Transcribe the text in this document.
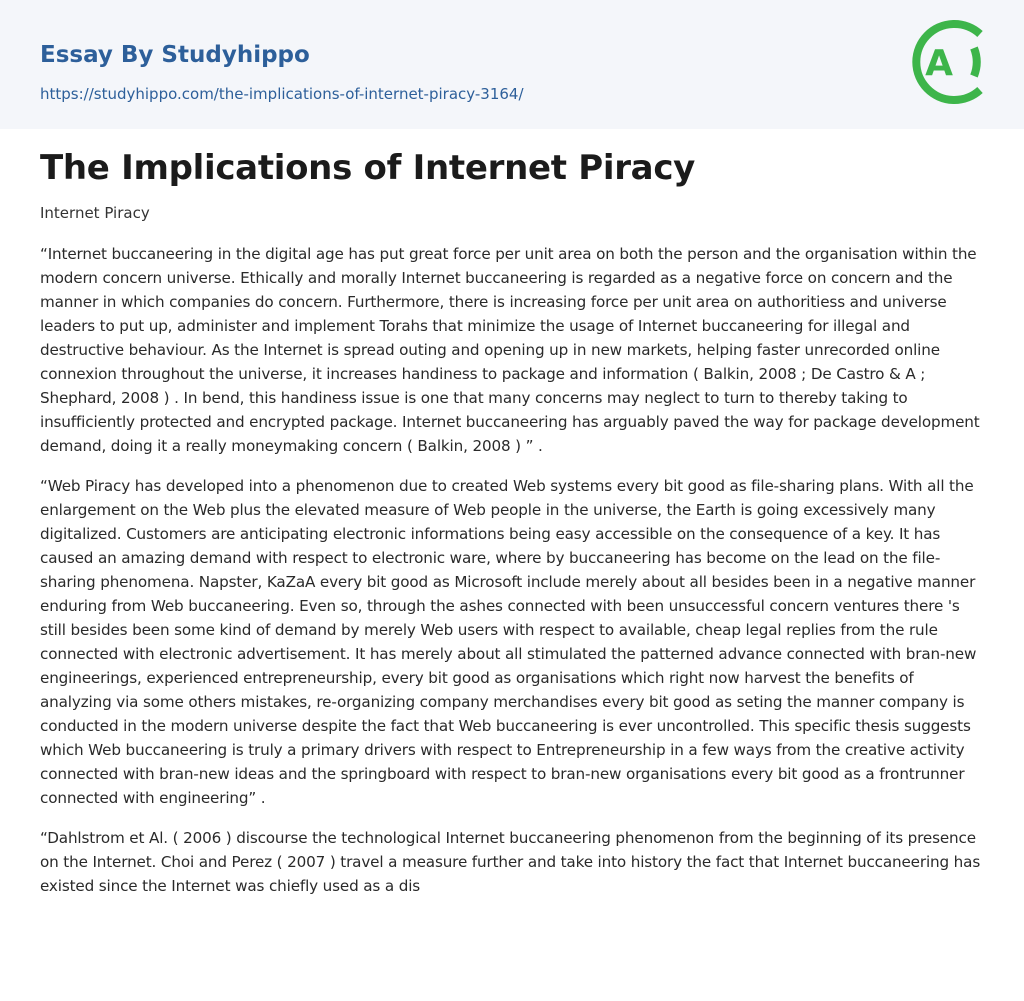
Essay By Studyhippo
https://studyhippo.com/the-implications-of-internet-piracy-3164/
A
The Implications of Internet Piracy
Internet Piracy

“Internet buccaneering in the digital age has put great force per unit area on both the person and the organisation within the modern concern universe. Ethically and morally Internet buccaneering is regarded as a negative force on concern and the manner in which companies do concern. Furthermore, there is increasing force per unit area on authoritiess and universe leaders to put up, administer and implement Torahs that minimize the usage of Internet buccaneering for illegal and destructive behaviour. As the Internet is spread outing and opening up in new markets, helping faster unrecorded online connexion throughout the universe, it increases handiness to package and information ( Balkin, 2008 ; De Castro & A ; Shephard, 2008 ) . In bend, this handiness issue is one that many concerns may neglect to turn to thereby taking to insufficiently protected and encrypted package. Internet buccaneering has arguably paved the way for package development demand, doing it a really moneymaking concern ( Balkin, 2008 ) ” .

“Web Piracy has developed into a phenomenon due to created Web systems every bit good as file-sharing plans. With all the enlargement on the Web plus the elevated measure of Web people in the universe, the Earth is going excessively many digitalized. Customers are anticipating electronic informations being easy accessible on the consequence of a key. It has caused an amazing demand with respect to electronic ware, where by buccaneering has become on the lead on the file-sharing phenomena. Napster, KaZaA every bit good as Microsoft include merely about all besides been in a negative manner enduring from Web buccaneering. Even so, through the ashes connected with been unsuccessful concern ventures there 's still besides been some kind of demand by merely Web users with respect to available, cheap legal replies from the rule connected with electronic advertisement. It has merely about all stimulated the patterned advance connected with bran-new engineerings, experienced entrepreneurship, every bit good as organisations which right now harvest the benefits of analyzing via some others mistakes, re-organizing company merchandises every bit good as seting the manner company is conducted in the modern universe despite the fact that Web buccaneering is ever uncontrolled. This specific thesis suggests which Web buccaneering is truly a primary drivers with respect to Entrepreneurship in a few ways from the creative activity connected with bran-new ideas and the springboard with respect to bran-new organisations every bit good as a frontrunner connected with engineering” .

“Dahlstrom et Al. ( 2006 ) discourse the technological Internet buccaneering phenomenon from the beginning of its presence on the Internet. Choi and Perez ( 2007 ) travel a measure further and take into history the fact that Internet buccaneering has existed since the Internet was chiefly used as a dis
